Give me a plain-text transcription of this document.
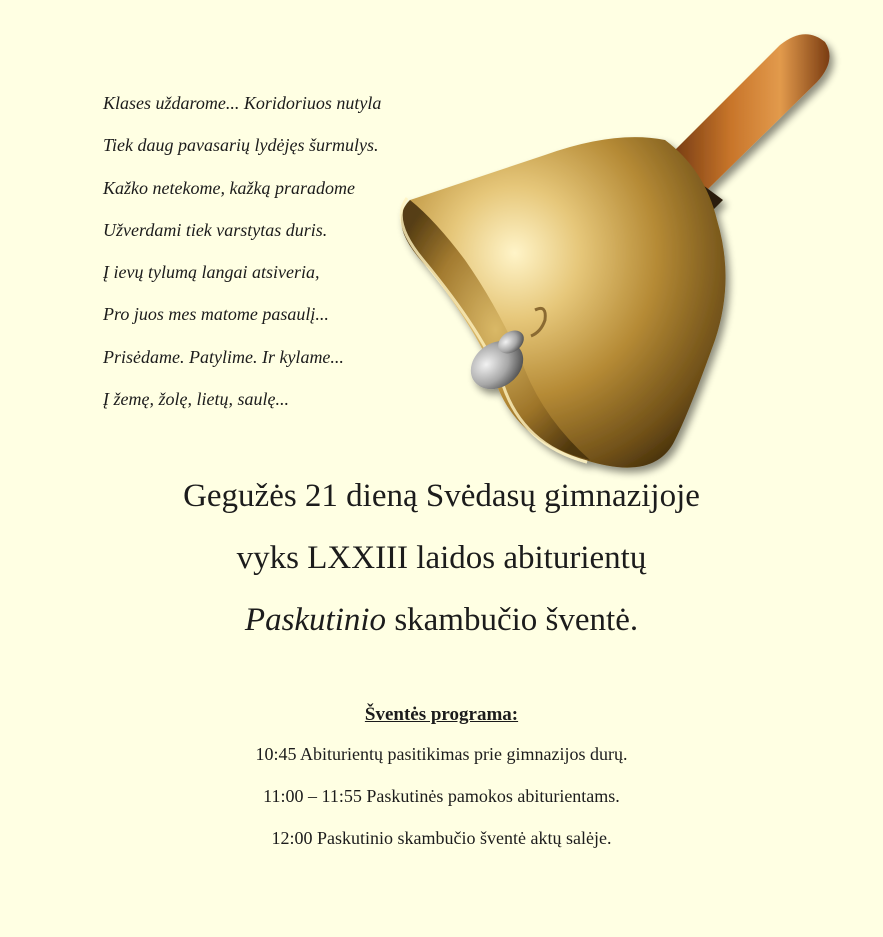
Klases uždarome... Koridoriuos nutyla
Tiek daug pavasarių lydėjęs šurmulys.
Kažko netekome, kažką praradome
Užverdami tiek varstytas duris.
Į ievų tylumą langai atsiveria,
Pro juos mes matome pasaulį...
Prisėdame. Patylime. Ir kylame...
Į žemę, žolę, lietų, saulę...
Gegužės 21 dieną Svėdasų gimnazijoje
vyks LXXIII laidos abiturientų
Paskutinio skambučio šventė.
Šventės programa:
10:45 Abiturientų pasitikimas prie gimnazijos durų.
11:00 – 11:55 Paskutinės pamokos abiturientams.
12:00 Paskutinio skambučio šventė aktų salėje.
